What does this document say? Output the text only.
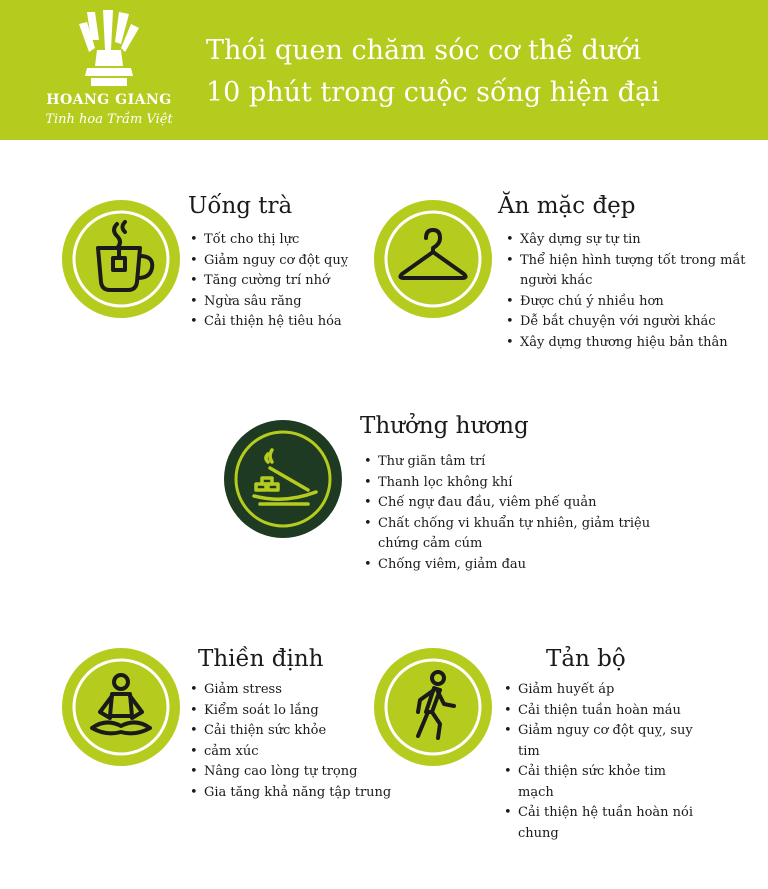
HOANG GIANG
Tinh hoa Trầm Việt
Thói quen chăm sóc cơ thể dưới
10 phút trong cuộc sống hiện đại
Uống trà
• Tốt cho thị lực
• Giảm nguy cơ đột quỵ
• Tăng cường trí nhớ
• Ngừa sâu răng
• Cải thiện hệ tiêu hóa
Ăn mặc đẹp
• Xây dựng sự tự tin
• Thể hiện hình tượng tốt trong mắt người khác
• Được chú ý nhiều hơn
• Dễ bắt chuyện với người khác
• Xây dựng thương hiệu bản thân
Thưởng hương
• Thư giãn tâm trí
• Thanh lọc không khí
• Chế ngự đau đầu, viêm phế quản
• Chất chống vi khuẩn tự nhiên, giảm triệu chứng cảm cúm
• Chống viêm, giảm đau
Thiền định
• Giảm stress
• Kiểm soát lo lắng
• Cải thiện sức khỏe
• cảm xúc
• Nâng cao lòng tự trọng
• Gia tăng khả năng tập trung
Tản bộ
• Giảm huyết áp
• Cải thiện tuần hoàn máu
• Giảm nguy cơ đột quỵ, suy tim
• Cải thiện sức khỏe tim mạch
• Cải thiện hệ tuần hoàn nói chung
